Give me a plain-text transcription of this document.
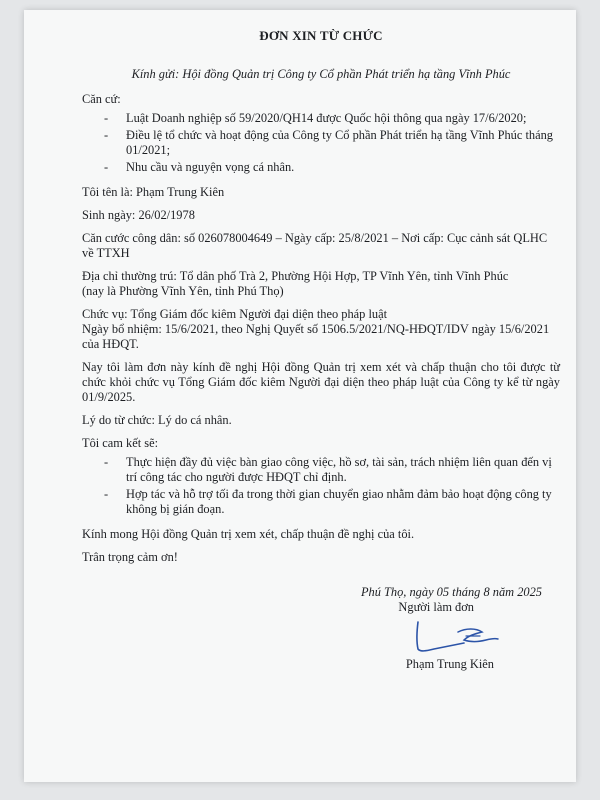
ĐƠN XIN TỪ CHỨC
Kính gửi: Hội đồng Quản trị Công ty Cổ phần Phát triển hạ tầng Vĩnh Phúc

Căn cứ:

- Luật Doanh nghiệp số 59/2020/QH14 được Quốc hội thông qua ngày 17/6/2020;
- Điều lệ tổ chức và hoạt động của Công ty Cổ phần Phát triển hạ tầng Vĩnh Phúc tháng 01/2021;
- Nhu cầu và nguyện vọng cá nhân.

Tôi tên là: Phạm Trung Kiên

Sinh ngày: 26/02/1978

Căn cước công dân: số 026078004649 – Ngày cấp: 25/8/2021 – Nơi cấp: Cục cảnh sát QLHC về TTXH

Địa chỉ thường trú: Tổ dân phố Trà 2, Phường Hội Hợp, TP Vĩnh Yên, tỉnh Vĩnh Phúc

(nay là Phường Vĩnh Yên, tỉnh Phú Thọ)

Chức vụ: Tổng Giám đốc kiêm Người đại diện theo pháp luật

Ngày bổ nhiệm: 15/6/2021, theo Nghị Quyết số 1506.5/2021/NQ-HĐQT/IDV ngày 15/6/2021 của HĐQT.

Nay tôi làm đơn này kính đề nghị Hội đồng Quản trị xem xét và chấp thuận cho tôi được từ chức khỏi chức vụ Tổng Giám đốc kiêm Người đại diện theo pháp luật của Công ty kể từ ngày 01/9/2025.

Lý do từ chức: Lý do cá nhân.

Tôi cam kết sẽ:

- Thực hiện đầy đủ việc bàn giao công việc, hồ sơ, tài sản, trách nhiệm liên quan đến vị trí công tác cho người được HĐQT chỉ định.
- Hợp tác và hỗ trợ tối đa trong thời gian chuyển giao nhằm đảm bảo hoạt động công ty không bị gián đoạn.

Kính mong Hội đồng Quản trị xem xét, chấp thuận đề nghị của tôi.

Trân trọng cảm ơn!

Phú Thọ, ngày 05 tháng 8 năm 2025
Người làm đơn
Phạm Trung Kiên
